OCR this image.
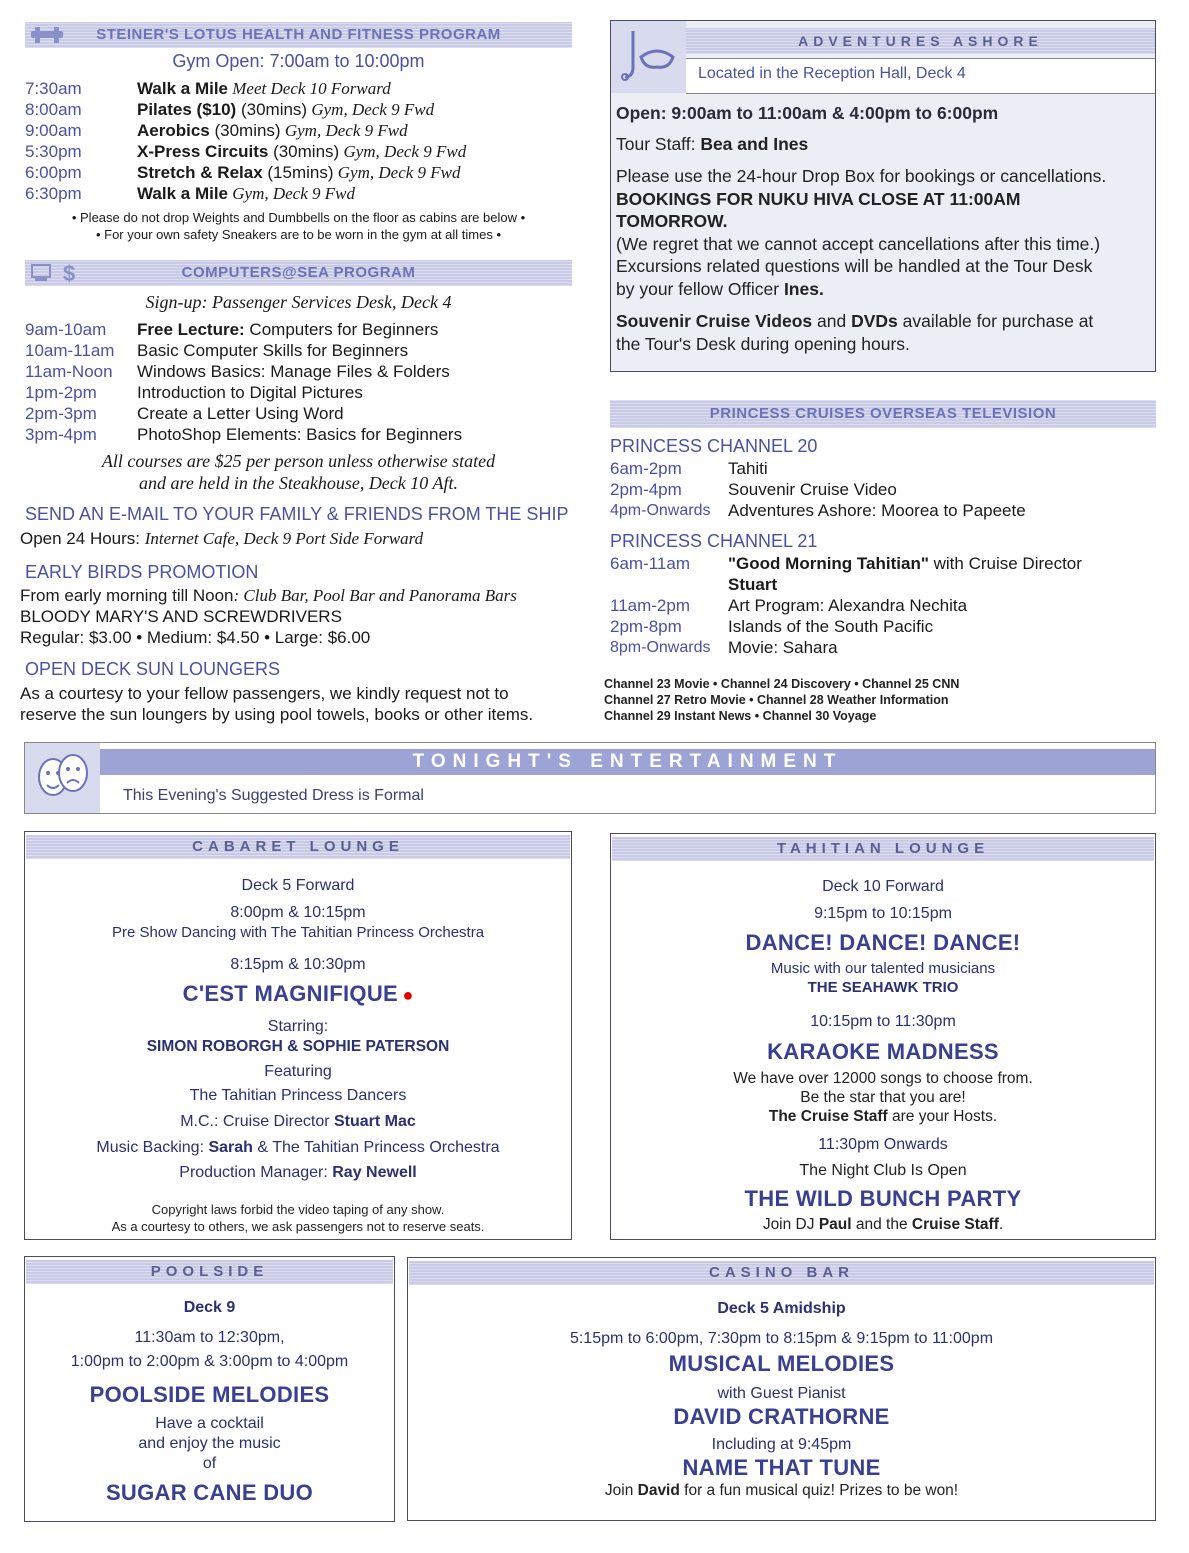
STEINER'S LOTUS HEALTH AND FITNESS PROGRAM
Gym Open: 7:00am to 10:00pm
7:30am	Walk a Mile Meet Deck 10 Forward
8:00am	Pilates ($10) (30mins) Gym, Deck 9 Fwd
9:00am	Aerobics (30mins) Gym, Deck 9 Fwd
5:30pm	X-Press Circuits (30mins) Gym, Deck 9 Fwd
6:00pm	Stretch & Relax (15mins) Gym, Deck 9 Fwd
6:30pm	Walk a Mile Gym, Deck 9 Fwd
• Please do not drop Weights and Dumbbells on the floor as cabins are below •
• For your own safety Sneakers are to be worn in the gym at all times •
$	COMPUTERS@SEA PROGRAM
Sign-up: Passenger Services Desk, Deck 4
9am-10am	Free Lecture: Computers for Beginners
10am-11am	Basic Computer Skills for Beginners
11am-Noon	Windows Basics: Manage Files & Folders
1pm-2pm	Introduction to Digital Pictures
2pm-3pm	Create a Letter Using Word
3pm-4pm	PhotoShop Elements: Basics for Beginners
All courses are $25 per person unless otherwise stated
and are held in the Steakhouse, Deck 10 Aft.
SEND AN E-MAIL TO YOUR FAMILY & FRIENDS FROM THE SHIP
Open 24 Hours: Internet Cafe, Deck 9 Port Side Forward
EARLY BIRDS PROMOTION
From early morning till Noon: Club Bar, Pool Bar and Panorama Bars
BLOODY MARY'S AND SCREWDRIVERS
Regular: $3.00 • Medium: $4.50 • Large: $6.00
OPEN DECK SUN LOUNGERS
As a courtesy to your fellow passengers, we kindly request not to
reserve the sun loungers by using pool towels, books or other items.
ADVENTURES ASHORE
Located in the Reception Hall, Deck 4
Open: 9:00am to 11:00am & 4:00pm to 6:00pm
Tour Staff: Bea and Ines
Please use the 24-hour Drop Box for bookings or cancellations.
BOOKINGS FOR NUKU HIVA CLOSE AT 11:00AM
TOMORROW.
(We regret that we cannot accept cancellations after this time.)
Excursions related questions will be handled at the Tour Desk
by your fellow Officer Ines.
Souvenir Cruise Videos and DVDs available for purchase at
the Tour's Desk during opening hours.
PRINCESS CRUISES OVERSEAS TELEVISION
PRINCESS CHANNEL 20
6am-2pm	Tahiti
2pm-4pm	Souvenir Cruise Video
4pm-Onwards	Adventures Ashore: Moorea to Papeete
PRINCESS CHANNEL 21
6am-11am	"Good Morning Tahitian" with Cruise Director
Stuart
11am-2pm	Art Program: Alexandra Nechita
2pm-8pm	Islands of the South Pacific
8pm-Onwards	Movie: Sahara
Channel 23 Movie • Channel 24 Discovery • Channel 25 CNN
Channel 27 Retro Movie • Channel 28 Weather Information
Channel 29 Instant News • Channel 30 Voyage
TONIGHT'S ENTERTAINMENT
This Evening's Suggested Dress is Formal
CABARET LOUNGE
Deck 5 Forward
8:00pm & 10:15pm
Pre Show Dancing with The Tahitian Princess Orchestra
8:15pm & 10:30pm
C'EST MAGNIFIQUE ●
Starring:
SIMON ROBORGH & SOPHIE PATERSON
Featuring
The Tahitian Princess Dancers
M.C.: Cruise Director Stuart Mac
Music Backing: Sarah & The Tahitian Princess Orchestra
Production Manager: Ray Newell
Copyright laws forbid the video taping of any show.
As a courtesy to others, we ask passengers not to reserve seats.
TAHITIAN LOUNGE
Deck 10 Forward
9:15pm to 10:15pm
DANCE! DANCE! DANCE!
Music with our talented musicians
THE SEAHAWK TRIO
10:15pm to 11:30pm
KARAOKE MADNESS
We have over 12000 songs to choose from.
Be the star that you are!
The Cruise Staff are your Hosts.
11:30pm Onwards
The Night Club Is Open
THE WILD BUNCH PARTY
Join DJ Paul and the Cruise Staff.
POOLSIDE
Deck 9
11:30am to 12:30pm,
1:00pm to 2:00pm & 3:00pm to 4:00pm
POOLSIDE MELODIES
Have a cocktail
and enjoy the music
of
SUGAR CANE DUO
CASINO BAR
Deck 5 Amidship
5:15pm to 6:00pm, 7:30pm to 8:15pm & 9:15pm to 11:00pm
MUSICAL MELODIES
with Guest Pianist
DAVID CRATHORNE
Including at 9:45pm
NAME THAT TUNE
Join David for a fun musical quiz! Prizes to be won!
